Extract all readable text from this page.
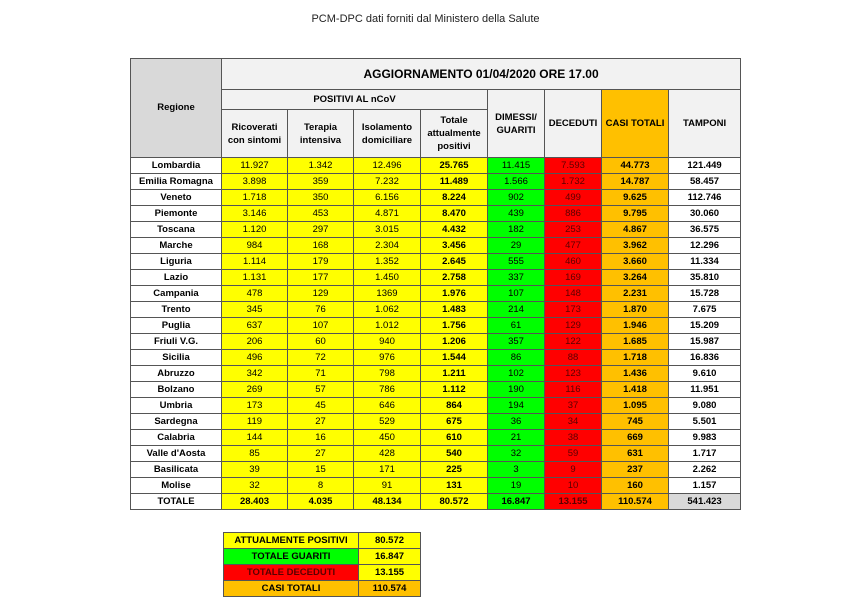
PCM-DPC dati forniti dal Ministero della Salute
Regione	AGGIORNAMENTO 01/04/2020 ORE 17.00							
	POSITIVI AL nCoV				DIMESSI/ GUARITI	DECEDUTI	CASI TOTALI	TAMPONI
	Ricoverati con sintomi	Terapia intensiva	Isolamento domiciliare	Totale attualmente positivi				
Lombardia	11.927	1.342	12.496	25.765	11.415	7.593	44.773	121.449
Emilia Romagna	3.898	359	7.232	11.489	1.566	1.732	14.787	58.457
Veneto	1.718	350	6.156	8.224	902	499	9.625	112.746
Piemonte	3.146	453	4.871	8.470	439	886	9.795	30.060
Toscana	1.120	297	3.015	4.432	182	253	4.867	36.575
Marche	984	168	2.304	3.456	29	477	3.962	12.296
Liguria	1.114	179	1.352	2.645	555	460	3.660	11.334
Lazio	1.131	177	1.450	2.758	337	169	3.264	35.810
Campania	478	129	1369	1.976	107	148	2.231	15.728
Trento	345	76	1.062	1.483	214	173	1.870	7.675
Puglia	637	107	1.012	1.756	61	129	1.946	15.209
Friuli V.G.	206	60	940	1.206	357	122	1.685	15.987
Sicilia	496	72	976	1.544	86	88	1.718	16.836
Abruzzo	342	71	798	1.211	102	123	1.436	9.610
Bolzano	269	57	786	1.112	190	116	1.418	11.951
Umbria	173	45	646	864	194	37	1.095	9.080
Sardegna	119	27	529	675	36	34	745	5.501
Calabria	144	16	450	610	21	38	669	9.983
Valle d'Aosta	85	27	428	540	32	59	631	1.717
Basilicata	39	15	171	225	3	9	237	2.262
Molise	32	8	91	131	19	10	160	1.157
TOTALE	28.403	4.035	48.134	80.572	16.847	13.155	110.574	541.423
ATTUALMENTE POSITIVI	80.572
TOTALE GUARITI	16.847
TOTALE DECEDUTI	13.155
CASI TOTALI	110.574
